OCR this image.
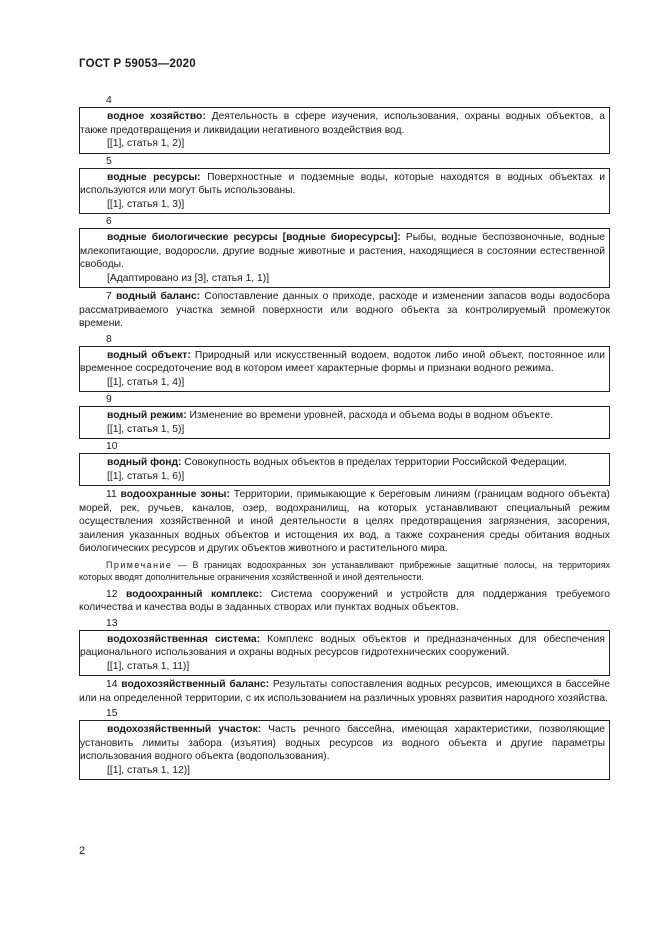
ГОСТ Р 59053—2020
4

водное хозяйство: Деятельность в сфере изучения, использования, охраны водных объектов, а также предотвращения и ликвидации негативного воздействия вод.

[[1], статья 1, 2)]

5

водные ресурсы: Поверхностные и подземные воды, которые находятся в водных объектах и используются или могут быть использованы.

[[1], статья 1, 3)]

6

водные биологические ресурсы [водные биоресурсы]: Рыбы, водные беспозвоночные, водные млекопитающие, водоросли, другие водные животные и растения, находящиеся в состоянии естественной свободы.

[Адаптировано из [3], статья 1, 1)]

7 водный баланс: Сопоставление данных о приходе, расходе и изменении запасов воды водосбора рассматриваемого участка земной поверхности или водного объекта за контролируемый промежуток времени.

8

водный объект: Природный или искусственный водоем, водоток либо иной объект, постоянное или временное сосредоточение вод в котором имеет характерные формы и признаки водного режима.

[[1], статья 1, 4)]

9

водный режим: Изменение во времени уровней, расхода и объема воды в водном объекте.

[[1], статья 1, 5)]

10

водный фонд: Совокупность водных объектов в пределах территории Российской Федерации.

[[1], статья 1, 6)]

11 водоохранные зоны: Территории, примыкающие к береговым линиям (границам водного объекта) морей, рек, ручьев, каналов, озер, водохранилищ, на которых устанавливают специальный режим осуществления хозяйственной и иной деятельности в целях предотвращения загрязнения, засорения, заиления указанных водных объектов и истощения их вод, а также сохранения среды обитания водных биологических ресурсов и других объектов животного и растительного мира.

Примечание — В границах водоохранных зон устанавливают прибрежные защитные полосы, на территориях которых вводят дополнительные ограничения хозяйственной и иной деятельности.

12 водоохранный комплекс: Система сооружений и устройств для поддержания требуемого количества и качества воды в заданных створах или пунктах водных объектов.

13

водохозяйственная система: Комплекс водных объектов и предназначенных для обеспечения рационального использования и охраны водных ресурсов гидротехнических сооружений.

[[1], статья 1, 11)]

14 водохозяйственный баланс: Результаты сопоставления водных ресурсов, имеющихся в бассейне или на определенной территории, с их использованием на различных уровнях развития народного хозяйства.

15

водохозяйственный участок: Часть речного бассейна, имеющая характеристики, позволяющие установить лимиты забора (изъятия) водных ресурсов из водного объекта и другие параметры использования водного объекта (водопользования).

[[1], статья 1, 12)]

2
